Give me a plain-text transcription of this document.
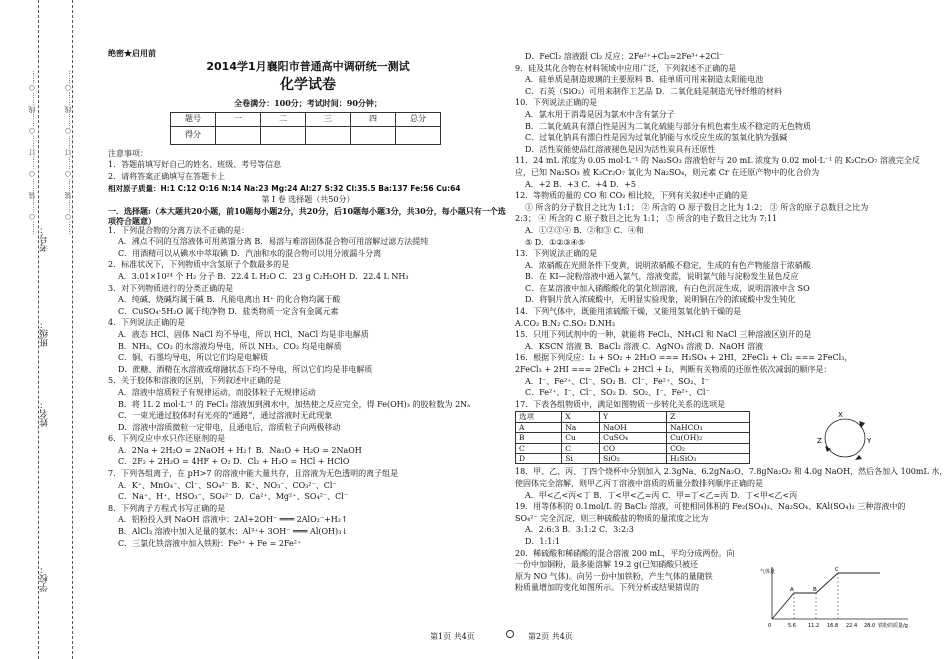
……○……装……○……订……○……线……○……	……○……装……○……订……○……线……○……
学校：
姓名：
班级：
考号：

绝密★启用前

2014学1月襄阳市普通高中调研统一测试
化学试卷
全卷满分：100分；考试时间：90分钟；
题号	一	二	三	四	总分
得分					

注意事项：

1．答题前填写好自己的姓名、班级、考号等信息

2．请将答案正确填写在答题卡上

相对原子质量：H:1 C:12 O:16 N:14 Na:23 Mg:24 Al:27 S:32 Cl:35.5 Ba:137 Fe:56 Cu:64

第 Ⅰ 卷 选择题（共50分）
一．选择题:（本大题共20小题，前10题每小题2分，共20分，后10题每小题3分，共30分，每小题只有一个选项符合题意）

1．下列混合物的分离方法不正确的是：

A．沸点不同的互溶液体可用蒸馏分离 B．易溶与难溶固体混合物可用溶解过滤方法提纯

C．用酒精可以从碘水中萃取碘 D．汽油和水的混合物可以用分液漏斗分离

2．标准状况下，下列物质中含氢原子个数最多的是

A．3.01×10²⁴ 个 H₂ 分子 B．22.4 L H₂O C．23 g C₂H₅OH D．22.4 L NH₃

3．对下列物质进行的分类正确的是

A．纯碱、烧碱均属于碱 B．凡能电离出 H⁺ 的化合物均属于酸

C．CuSO₄·5H₂O 属于纯净物 D．盐类物质一定含有金属元素

4．下列说法正确的是

A．液态 HCl、固体 NaCl 均不导电，所以 HCl、NaCl 均是非电解质

B．NH₃、CO₂ 的水溶液均导电，所以 NH₃、CO₂ 均是电解质

C．铜、石墨均导电，所以它们均是电解质

D．蔗糖、酒精在水溶液或熔融状态下均不导电，所以它们均是非电解质

5．关于胶体和溶液的区别，下列叙述中正确的是

A．溶液中溶质粒子有规律运动，而胶体粒子无规律运动

B．将 1L 2 mol·L⁻¹ 的 FeCl₃ 溶液加到沸水中，加热使之反应完全，得 Fe(OH)₃ 的胶粒数为 2Nₐ

C．一束光通过胶体时有光亮的“通路”，通过溶液时无此现象

D．溶液中溶质微粒一定带电，且通电后，溶质粒子向两极移动

6．下列反应中水只作还原剂的是

A．2Na + 2H₂O = 2NaOH + H₂↑ B．Na₂O + H₂O = 2NaOH

C．2F₂ + 2H₂O = 4HF + O₂ D．Cl₂ + H₂O = HCl + HClO

7．下列各组离子，在 pH>7 的溶液中能大量共存，且溶液为无色透明的离子组是

A．K⁺、MnO₄⁻、Cl⁻、SO₄²⁻ B．K⁺、NO₃⁻、CO₃²⁻、Cl⁻

C．Na⁺、H⁺、HSO₃⁻、SO₄²⁻ D．Ca²⁺、Mg²⁺、SO₄²⁻、Cl⁻

8．下列离子方程式书写正确的是

A．铝粉投入到 NaOH 溶液中：2Al+2OH⁻ ═══ 2AlO₂⁻+H₂↑

B．AlCl₃ 溶液中加入足量的氨水：Al³⁺+ 3OH⁻ ═══ Al(OH)₃↓

C．三氯化铁溶液中加入铁粉：Fe³⁺ + Fe = 2Fe²⁺

D．FeCl₂ 溶液跟 Cl₂ 反应：2Fe²⁺+Cl₂=2Fe³⁺+2Cl⁻

9．硅及其化合物在材料领域中应用广泛，下列叙述不正确的是

A．硅单质是制造玻璃的主要原料 B．硅单质可用来制造太阳能电池

C．石英（SiO₂）可用来制作工艺品 D．二氧化硅是制造光导纤维的材料

10．下列说法正确的是

A．氯水用于消毒是因为氯水中含有氯分子

B．二氧化硫具有漂白性是因为二氧化硫能与部分有机色素生成不稳定的无色物质

C．过氧化钠具有漂白性是因为过氧化钠能与水反应生成的氢氧化钠为强碱

D．活性炭能使品红溶液褪色是因为活性炭具有还原性

11．24 mL 浓度为 0.05 mol·L⁻¹ 的 Na₂SO₃ 溶液恰好与 20 mL 浓度为 0.02 mol·L⁻¹ 的 K₂Cr₂O₇ 溶液完全反

应，已知 Na₂SO₃ 被 K₂Cr₂O₇ 氧化为 Na₂SO₄，则元素 Cr 在还原产物中的化合价为

A．+2 B．+3 C．+4 D．+5

12．等物质的量的 CO 和 CO₂ 相比较，下列有关叙述中正确的是

① 所含的分子数目之比为 1:1； ② 所含的 O 原子数目之比为 1:2； ③ 所含的原子总数目之比为

2:3； ④ 所含的 C 原子数目之比为 1:1； ⑤ 所含的电子数目之比为 7:11

A．①②③④ B．②和③ C．④和

⑤ D．①②③④⑤

13．下列说法正确的是

A．浓硝酸在光照条件下变黄，说明浓硝酸不稳定，生成的有色产物能溶于浓硝酸

B．在 KI—淀粉溶液中通入氯气，溶液变蓝，说明氯气能与淀粉发生显色反应

C．在某溶液中加入硝酸酸化的氯化钡溶液，有白色沉淀生成，说明溶液中含 SO

D．将铜片放入浓硫酸中，无明显实验现象，说明铜在冷的浓硫酸中发生钝化

14．下列气体中，既能用浓硫酸干燥，又能用氢氧化钠干燥的是

A.CO₂ B.N₂ C.SO₂ D.NH₃

15．只用下列试剂中的一种，就能将 FeCl₃、NH₄Cl 和 NaCl 三种溶液区别开的是

A．KSCN 溶液 B．BaCl₂ 溶液 C．AgNO₃ 溶液 D．NaOH 溶液

16．根据下列反应：I₂ + SO₂ + 2H₂O === H₂SO₄ + 2HI，2FeCl₂ + Cl₂ === 2FeCl₃，

2FeCl₃ + 2HI === 2FeCl₂ + 2HCl + I₂，判断有关物质的还原性依次减弱的顺序是：

A．I⁻、Fe²⁺、Cl⁻、SO₂ B．Cl⁻、Fe²⁺、SO₂、I⁻

C．Fe²⁺、I⁻、Cl⁻、SO₂ D．SO₂、I⁻、Fe²⁺、Cl⁻

17．下表各组物质中，满足如图物质一步转化关系的选项是

选项	X	Y	Z
A	Na	NaOH	NaHCO₃
B	Cu	CuSO₄	Cu(OH)₂
C	C	CO	CO₂
D	Si	SiO₂	H₂SiO₃
X
Y
Z

18．甲、乙、丙、丁四个烧杯中分别加入 2.3gNa、6.2gNa₂O、7.8gNa₂O₂ 和 4.0g NaOH，然后各加入 100mL 水，

使固体完全溶解，则甲乙丙丁溶液中溶质的质量分数排列顺序正确的是

A．甲<乙<丙<丁 B．丁<甲<乙=丙 C．甲=丁<乙=丙 D．丁<甲<乙<丙

19．用等体积的 0.1mol/L 的 BaCl₂ 溶液，可使相同体积的 Fe₂(SO₄)₃、Na₂SO₄、KAl(SO₄)₂ 三种溶液中的

SO₄²⁻ 完全沉淀，则三种硫酸盐的物质的量浓度之比为

A．2:6:3 B．3:1:2 C．3:2:3

D．1:1:1

20．稀硫酸和稀硝酸的混合溶液 200 mL，平均分成两份。向

一份中加铜粉，最多能溶解 19.2 g(已知硝酸只被还

原为 NO 气体)。向另一份中加铁粉，产生气体的量随铁

粉质量增加的变化如图所示。下列分析或结果错误的

气体量
A	B
C
0	5.6 11.2 16.8 22.4 28.0 铁粉的质量/g
第1页 共4页	第2页 共4页
